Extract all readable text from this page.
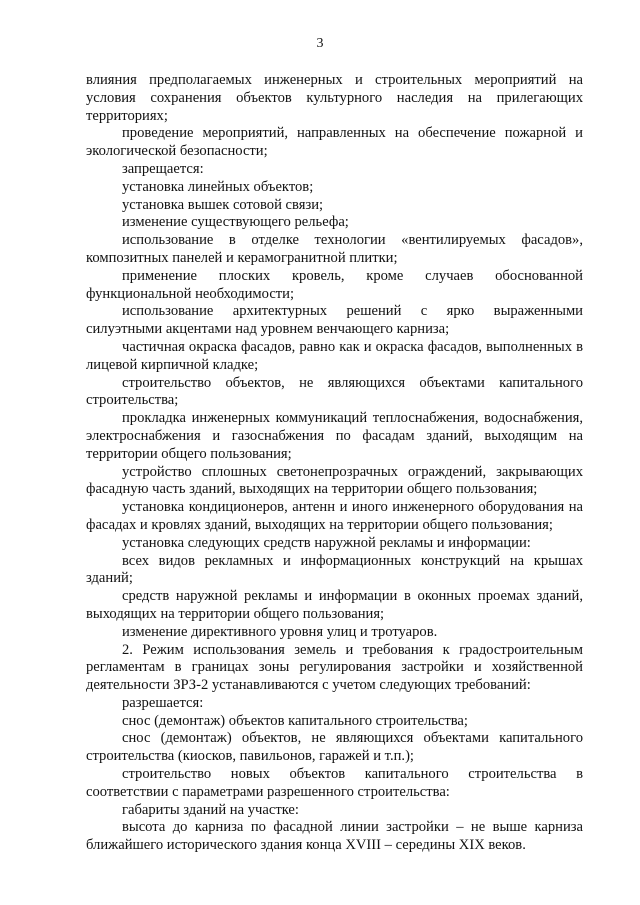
3

влияния предполагаемых инженерных и строительных мероприятий на условия сохранения объектов культурного наследия на прилегающих территориях;

проведение мероприятий, направленных на обеспечение пожарной и экологической безопасности;

запрещается:

установка линейных объектов;

установка вышек сотовой связи;

изменение существующего рельефа;

использование в отделке технологии «вентилируемых фасадов», композитных панелей и керамогранитной плитки;

применение плоских кровель, кроме случаев обоснованной функциональной необходимости;

использование архитектурных решений с ярко выраженными силуэтными акцентами над уровнем венчающего карниза;

частичная окраска фасадов, равно как и окраска фасадов, выполненных в лицевой кирпичной кладке;

строительство объектов, не являющихся объектами капитального строительства;

прокладка инженерных коммуникаций теплоснабжения, водоснабжения, электроснабжения и газоснабжения по фасадам зданий, выходящим на территории общего пользования;

устройство сплошных светонепрозрачных ограждений, закрывающих фасадную часть зданий, выходящих на территории общего пользования;

установка кондиционеров, антенн и иного инженерного оборудования на фасадах и кровлях зданий, выходящих на территории общего пользования;

установка следующих средств наружной рекламы и информации:

всех видов рекламных и информационных конструкций на крышах зданий;

средств наружной рекламы и информации в оконных проемах зданий, выходящих на территории общего пользования;

изменение директивного уровня улиц и тротуаров.

2. Режим использования земель и требования к градостроительным регламентам в границах зоны регулирования застройки и хозяйственной деятельности ЗРЗ-2 устанавливаются с учетом следующих требований:

разрешается:

снос (демонтаж) объектов капитального строительства;

снос (демонтаж) объектов, не являющихся объектами капитального строительства (киосков, павильонов, гаражей и т.п.);

строительство новых объектов капитального строительства в соответствии с параметрами разрешенного строительства:

габариты зданий на участке:

высота до карниза по фасадной линии застройки – не выше карниза ближайшего исторического здания конца XVIII – середины XIX веков.
